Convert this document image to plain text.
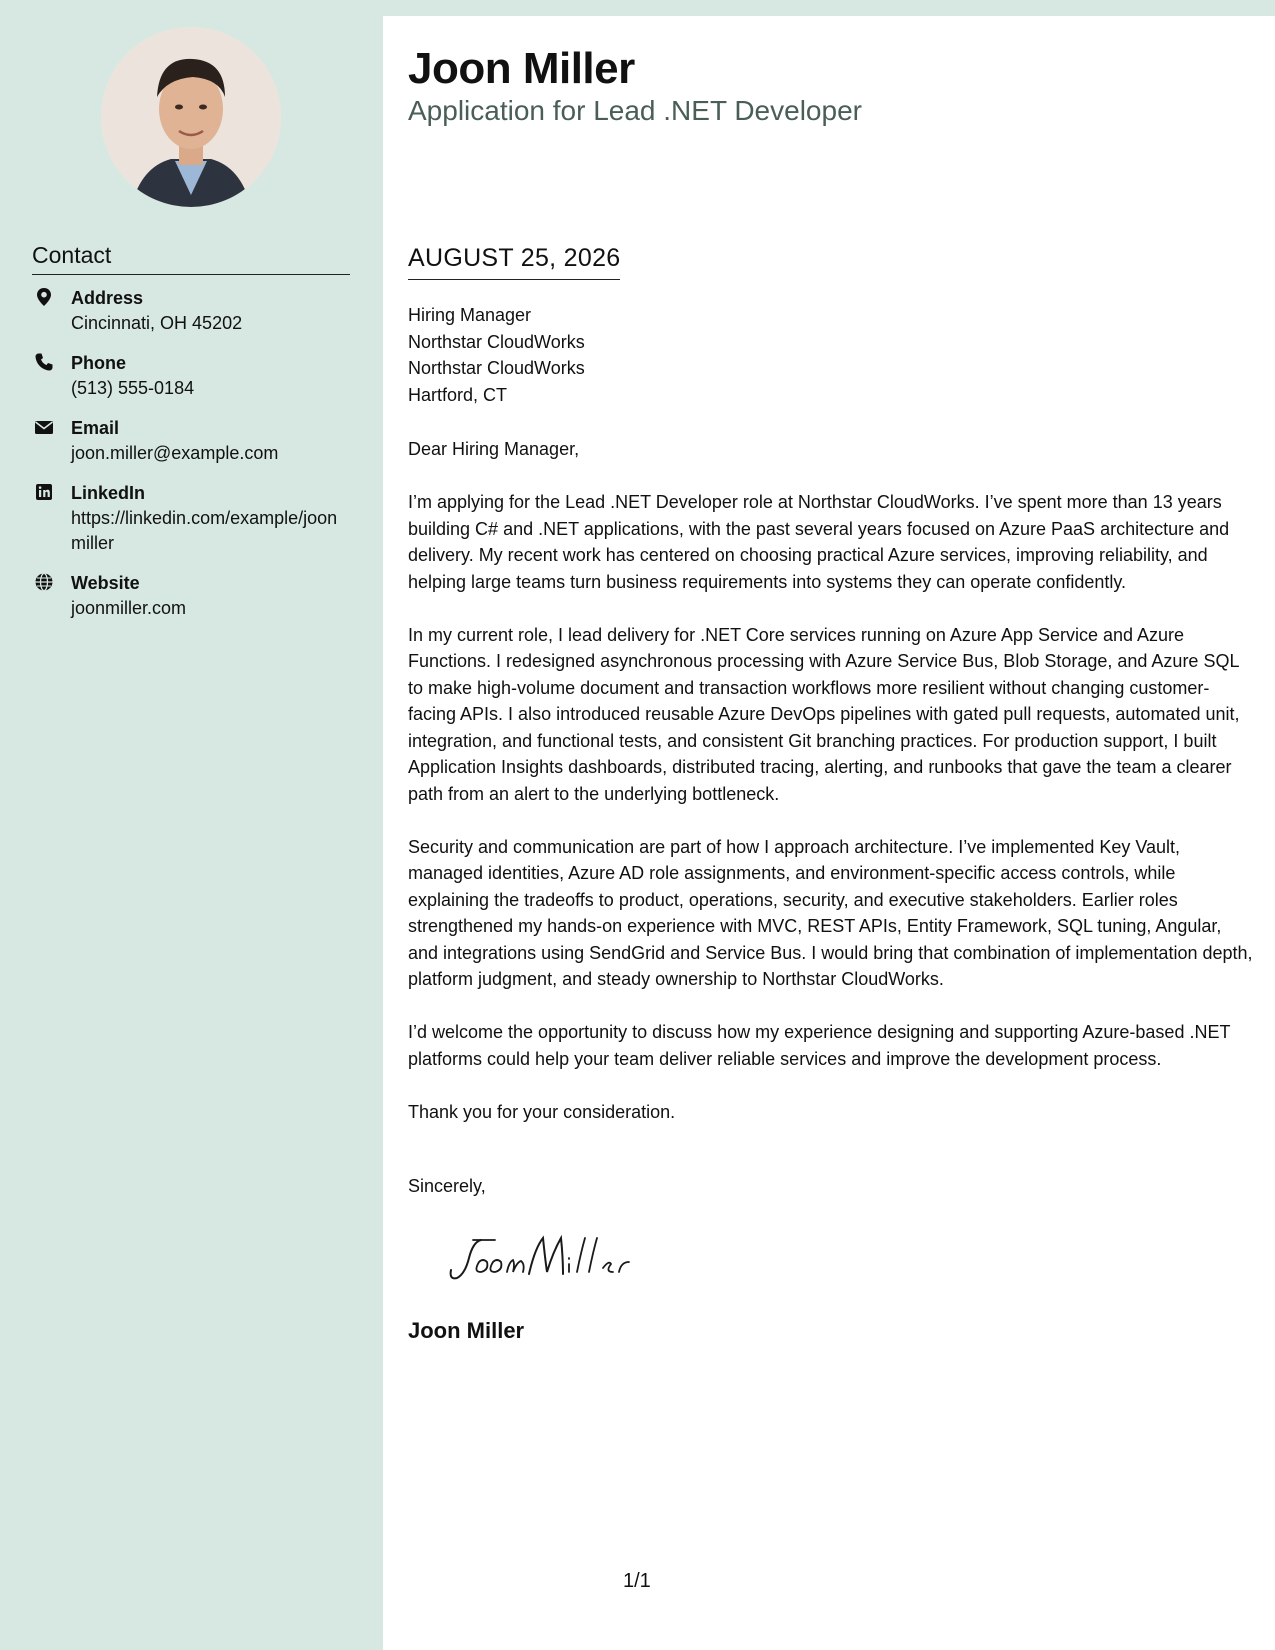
Contact
Address
Cincinnati, OH 45202
Phone
(513) 555-0184
Email
joon.miller@example.com
LinkedIn
https://linkedin.com/example/joonmiller
Website
joonmiller.com
Joon Miller
Application for Lead .NET Developer
AUGUST 25, 2026
Hiring Manager
Northstar CloudWorks
Northstar CloudWorks
Hartford, CT
Dear Hiring Manager,

I’m applying for the Lead .NET Developer role at Northstar CloudWorks. I’ve spent more than 13 years building C# and .NET applications, with the past several years focused on Azure PaaS architecture and delivery. My recent work has centered on choosing practical Azure services, improving reliability, and helping large teams turn business requirements into systems they can operate confidently.

In my current role, I lead delivery for .NET Core services running on Azure App Service and Azure Functions. I redesigned asynchronous processing with Azure Service Bus, Blob Storage, and Azure SQL to make high-volume document and transaction workflows more resilient without changing customer-facing APIs. I also introduced reusable Azure DevOps pipelines with gated pull requests, automated unit, integration, and functional tests, and consistent Git branching practices. For production support, I built Application Insights dashboards, distributed tracing, alerting, and runbooks that gave the team a clearer path from an alert to the underlying bottleneck.

Security and communication are part of how I approach architecture. I’ve implemented Key Vault, managed identities, Azure AD role assignments, and environment-specific access controls, while explaining the tradeoffs to product, operations, security, and executive stakeholders. Earlier roles strengthened my hands-on experience with MVC, REST APIs, Entity Framework, SQL tuning, Angular, and integrations using SendGrid and Service Bus. I would bring that combination of implementation depth, platform judgment, and steady ownership to Northstar CloudWorks.

I’d welcome the opportunity to discuss how my experience designing and supporting Azure-based .NET platforms could help your team deliver reliable services and improve the development process.

Thank you for your consideration.

Sincerely,
Joon Miller
1/1
